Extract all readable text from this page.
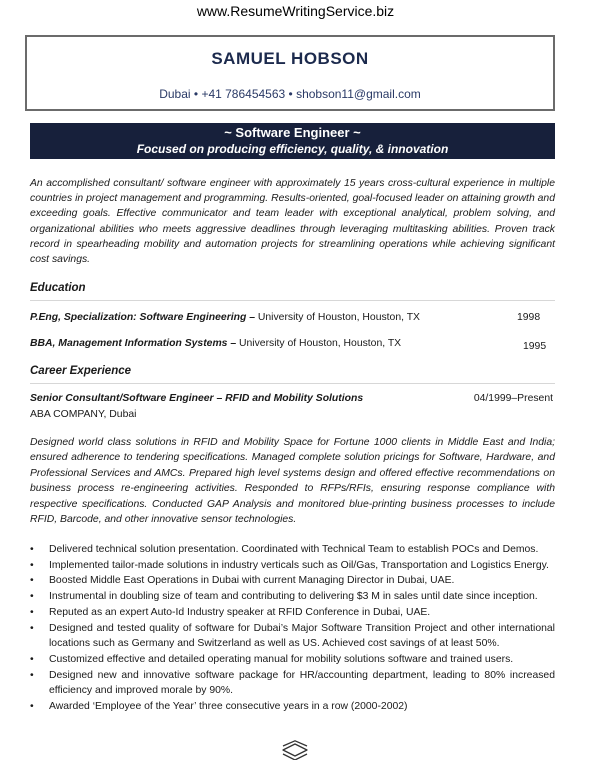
www.ResumeWritingService.biz
SAMUEL HOBSON
Dubai • +41 786454563 • shobson11@gmail.com
~ Software Engineer ~
Focused on producing efficiency, quality, & innovation
An accomplished consultant/ software engineer with approximately 15 years cross-cultural experience in multiple countries in project management and programming. Results-oriented, goal-focused leader on attaining growth and exceeding goals. Effective communicator and team leader with exceptional analytical, problem solving, and organizational abilities who meets aggressive deadlines through leveraging multitasking abilities. Proven track record in spearheading mobility and automation projects for streamlining operations while achieving significant cost savings.
Education
P.Eng, Specialization: Software Engineering – University of Houston, Houston, TX	1998
BBA, Management Information Systems – University of Houston, Houston, TX	1995
Career Experience
Senior Consultant/Software Engineer – RFID and Mobility Solutions	04/1999–Present
ABA COMPANY, Dubai
Designed world class solutions in RFID and Mobility Space for Fortune 1000 clients in Middle East and India; ensured adherence to tendering specifications. Managed complete solution pricings for Software, Hardware, and Professional Services and AMCs. Prepared high level systems design and offered effective recommendations on business process re-engineering activities. Responded to RFPs/RFIs, ensuring response compliance with respective specifications. Conducted GAP Analysis and monitored blue-printing business processes to include RFID, Barcode, and other innovative sensor technologies.
• Delivered technical solution presentation. Coordinated with Technical Team to establish POCs and Demos.
• Implemented tailor-made solutions in industry verticals such as Oil/Gas, Transportation and Logistics Energy.
• Boosted Middle East Operations in Dubai with current Managing Director in Dubai, UAE.
• Instrumental in doubling size of team and contributing to delivering $3 M in sales until date since inception.
• Reputed as an expert Auto-Id Industry speaker at RFID Conference in Dubai, UAE.
• Designed and tested quality of software for Dubai’s Major Software Transition Project and other international locations such as Germany and Switzerland as well as US. Achieved cost savings of at least 50%.
• Customized effective and detailed operating manual for mobility solutions software and trained users.
• Designed new and innovative software package for HR/accounting department, leading to 80% increased efficiency and improved morale by 90%.
• Awarded ‘Employee of the Year’ three consecutive years in a row (2000-2002)
